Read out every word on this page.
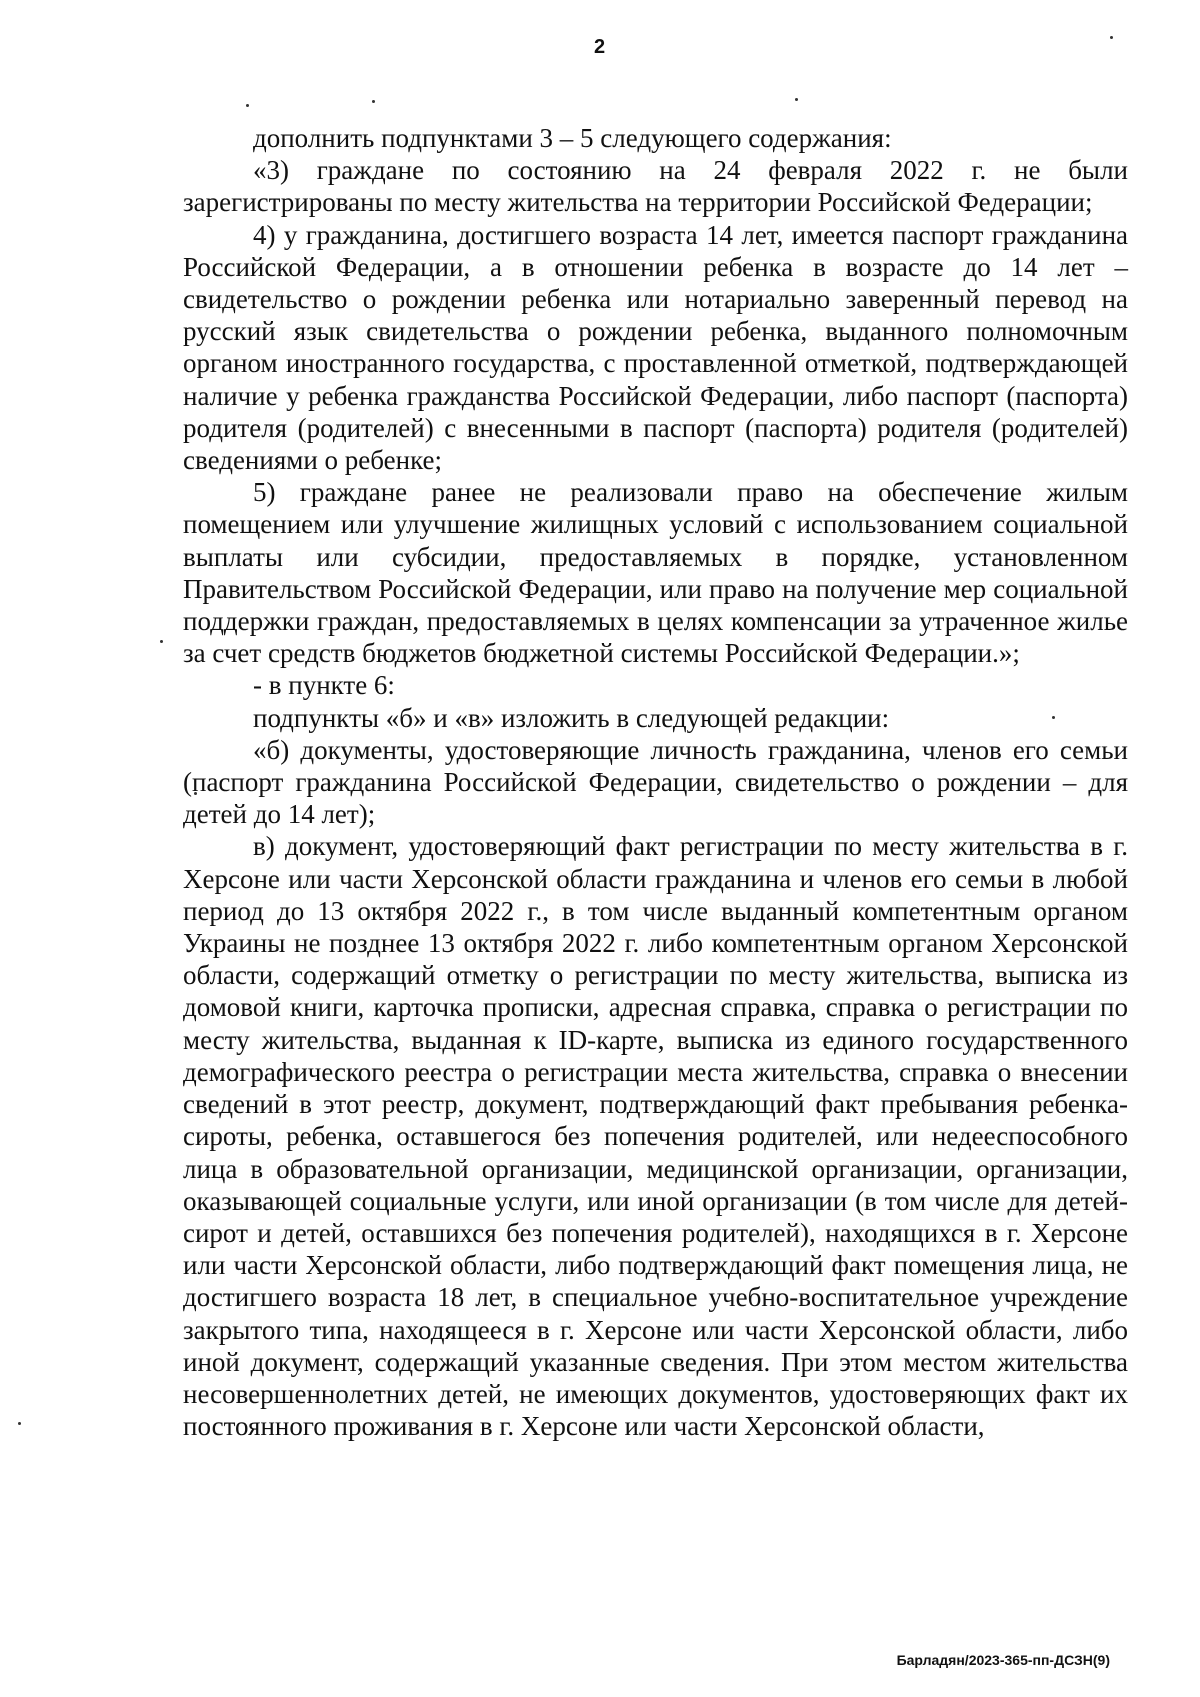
2

дополнить подпунктами 3 – 5 следующего содержания:

«3) граждане по состоянию на 24 февраля 2022 г. не были зарегистрированы по месту жительства на территории Российской Федерации;

4) у гражданина, достигшего возраста 14 лет, имеется паспорт гражданина Российской Федерации, а в отношении ребенка в возрасте до 14 лет – свидетельство о рождении ребенка или нотариально заверенный перевод на русский язык свидетельства о рождении ребенка, выданного полномочным органом иностранного государства, с проставленной отметкой, подтверждающей наличие у ребенка гражданства Российской Федерации, либо паспорт (паспорта) родителя (родителей) с внесенными в паспорт (паспорта) родителя (родителей) сведениями о ребенке;

5) граждане ранее не реализовали право на обеспечение жилым помещением или улучшение жилищных условий с использованием социальной выплаты или субсидии, предоставляемых в порядке, установленном Правительством Российской Федерации, или право на получение мер социальной поддержки граждан, предоставляемых в целях компенсации за утраченное жилье за счет средств бюджетов бюджетной системы Российской Федерации.»;

- в пункте 6:

подпункты «б» и «в» изложить в следующей редакции:

«б) документы, удостоверяющие личность гражданина, членов его семьи (паспорт гражданина Российской Федерации, свидетельство о рождении – для детей до 14 лет);

в) документ, удостоверяющий факт регистрации по месту жительства в г. Херсоне или части Херсонской области гражданина и членов его семьи в любой период до 13 октября 2022 г., в том числе выданный компетентным органом Украины не позднее 13 октября 2022 г. либо компетентным органом Херсонской области, содержащий отметку о регистрации по месту жительства, выписка из домовой книги, карточка прописки, адресная справка, справка о регистрации по месту жительства, выданная к ID-карте, выписка из единого государственного демографического реестра о регистрации места жительства, справка о внесении сведений в этот реестр, документ, подтверждающий факт пребывания ребенка-сироты, ребенка, оставшегося без попечения родителей, или недееспособного лица в образовательной организации, медицинской организации, организации, оказывающей социальные услуги, или иной организации (в том числе для детей-сирот и детей, оставшихся без попечения родителей), находящихся в г. Херсоне или части Херсонской области, либо подтверждающий факт помещения лица, не достигшего возраста 18 лет, в специальное учебно-воспитательное учреждение закрытого типа, находящееся в г. Херсоне или части Херсонской области, либо иной документ, содержащий указанные сведения. При этом местом жительства несовершеннолетних детей, не имеющих документов, удостоверяющих факт их постоянного проживания в г. Херсоне или части Херсонской области,

Барладян/2023-365-пп-ДСЗН(9)
